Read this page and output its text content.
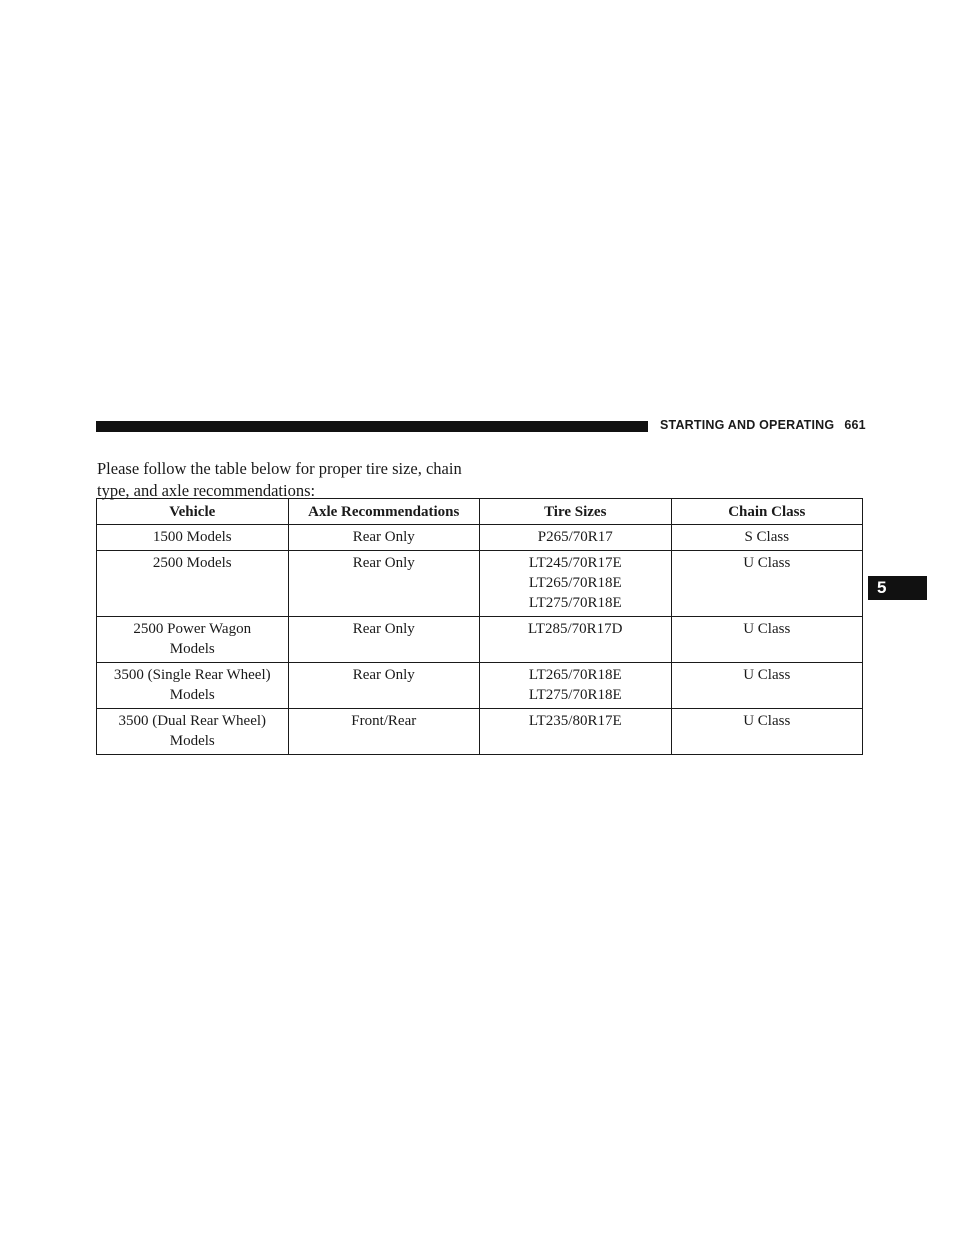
STARTING AND OPERATING 661
5

Please follow the table below for proper tire size, chain type, and axle recommendations:

Vehicle	Axle Recommendations	Tire Sizes	Chain Class

1500 Models	Rear Only	P265/70R17	S Class

2500 Models	Rear Only	LT245/70R17E
LT265/70R18E
LT275/70R18E	U Class

2500 Power Wagon
Models	Rear Only	LT285/70R17D	U Class

3500 (Single Rear Wheel)
Models	Rear Only	LT265/70R18E
LT275/70R18E	U Class

3500 (Dual Rear Wheel)
Models	Front/Rear	LT235/80R17E	U Class
